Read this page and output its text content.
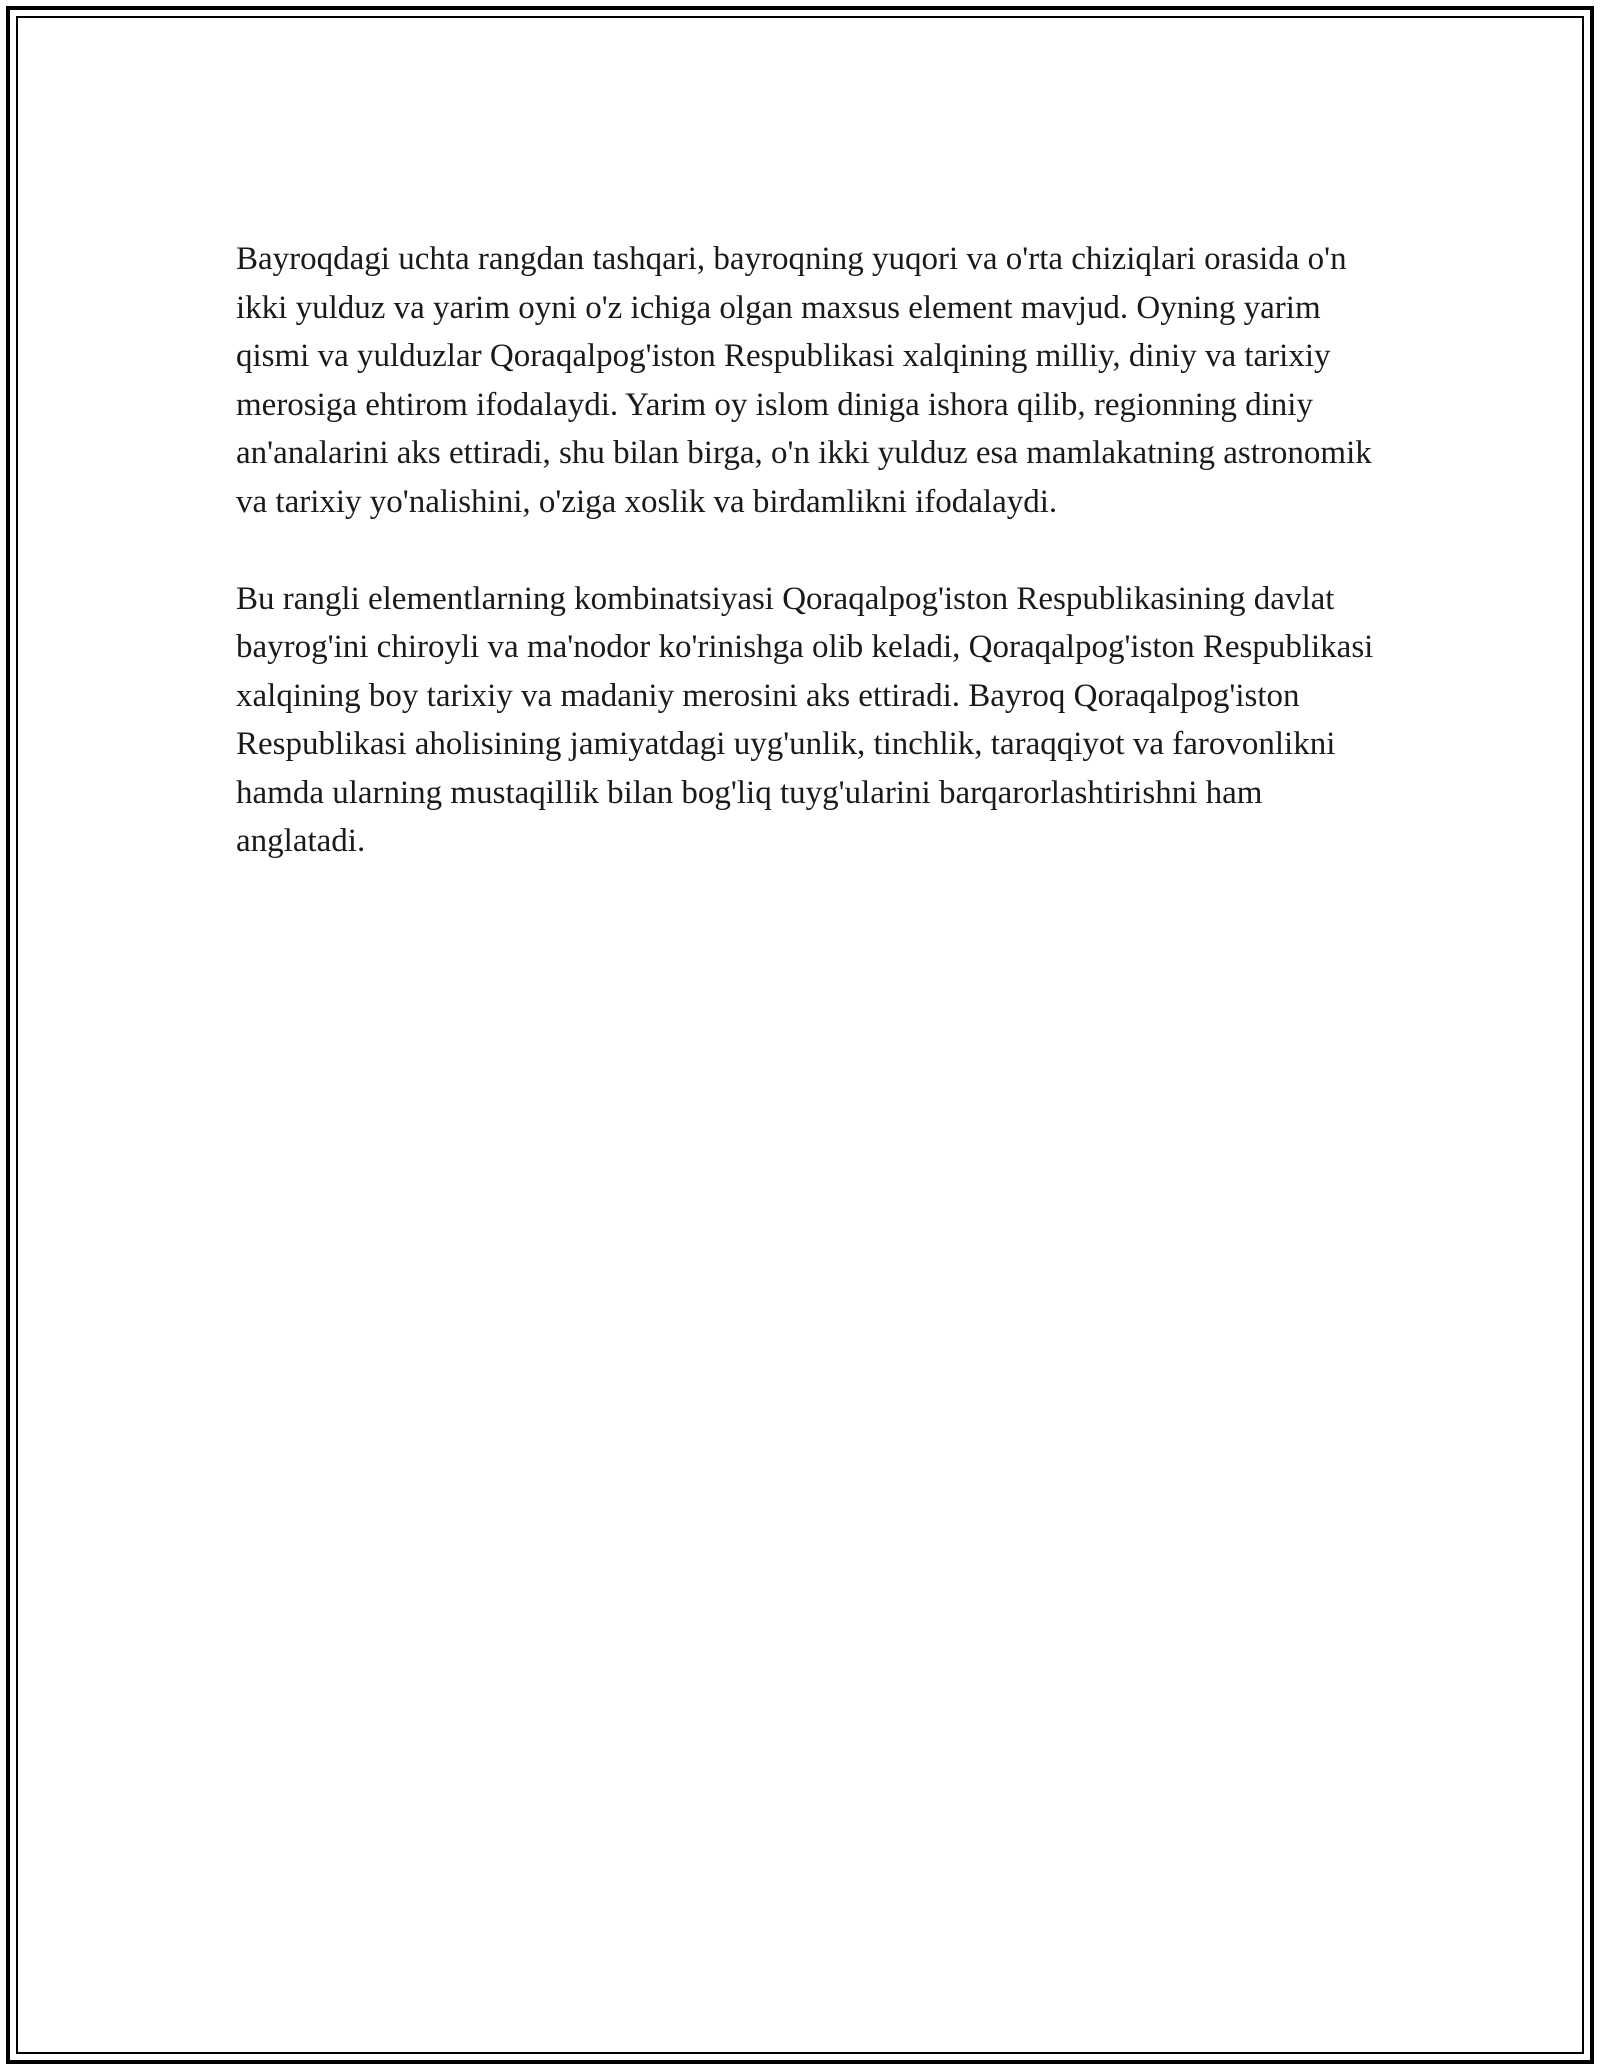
Bayroqdagi uchta rangdan tashqari, bayroqning yuqori va o'rta chiziqlari orasida o'n ikki yulduz va yarim oyni o'z ichiga olgan maxsus element mavjud. Oyning yarim qismi va yulduzlar Qoraqalpog'iston Respublikasi xalqining milliy, diniy va tarixiy merosiga ehtirom ifodalaydi. Yarim oy islom diniga ishora qilib, regionning diniy an'analarini aks ettiradi, shu bilan birga, o'n ikki yulduz esa mamlakatning astronomik va tarixiy yo'nalishini, o'ziga xoslik va birdamlikni ifodalaydi.

Bu rangli elementlarning kombinatsiyasi Qoraqalpog'iston Respublikasining davlat bayrog'ini chiroyli va ma'nodor ko'rinishga olib keladi, Qoraqalpog'iston Respublikasi xalqining boy tarixiy va madaniy merosini aks ettiradi. Bayroq Qoraqalpog'iston Respublikasi aholisining jamiyatdagi uyg'unlik, tinchlik, taraqqiyot va farovonlikni hamda ularning mustaqillik bilan bog'liq tuyg'ularini barqarorlashtirishni ham anglatadi.
